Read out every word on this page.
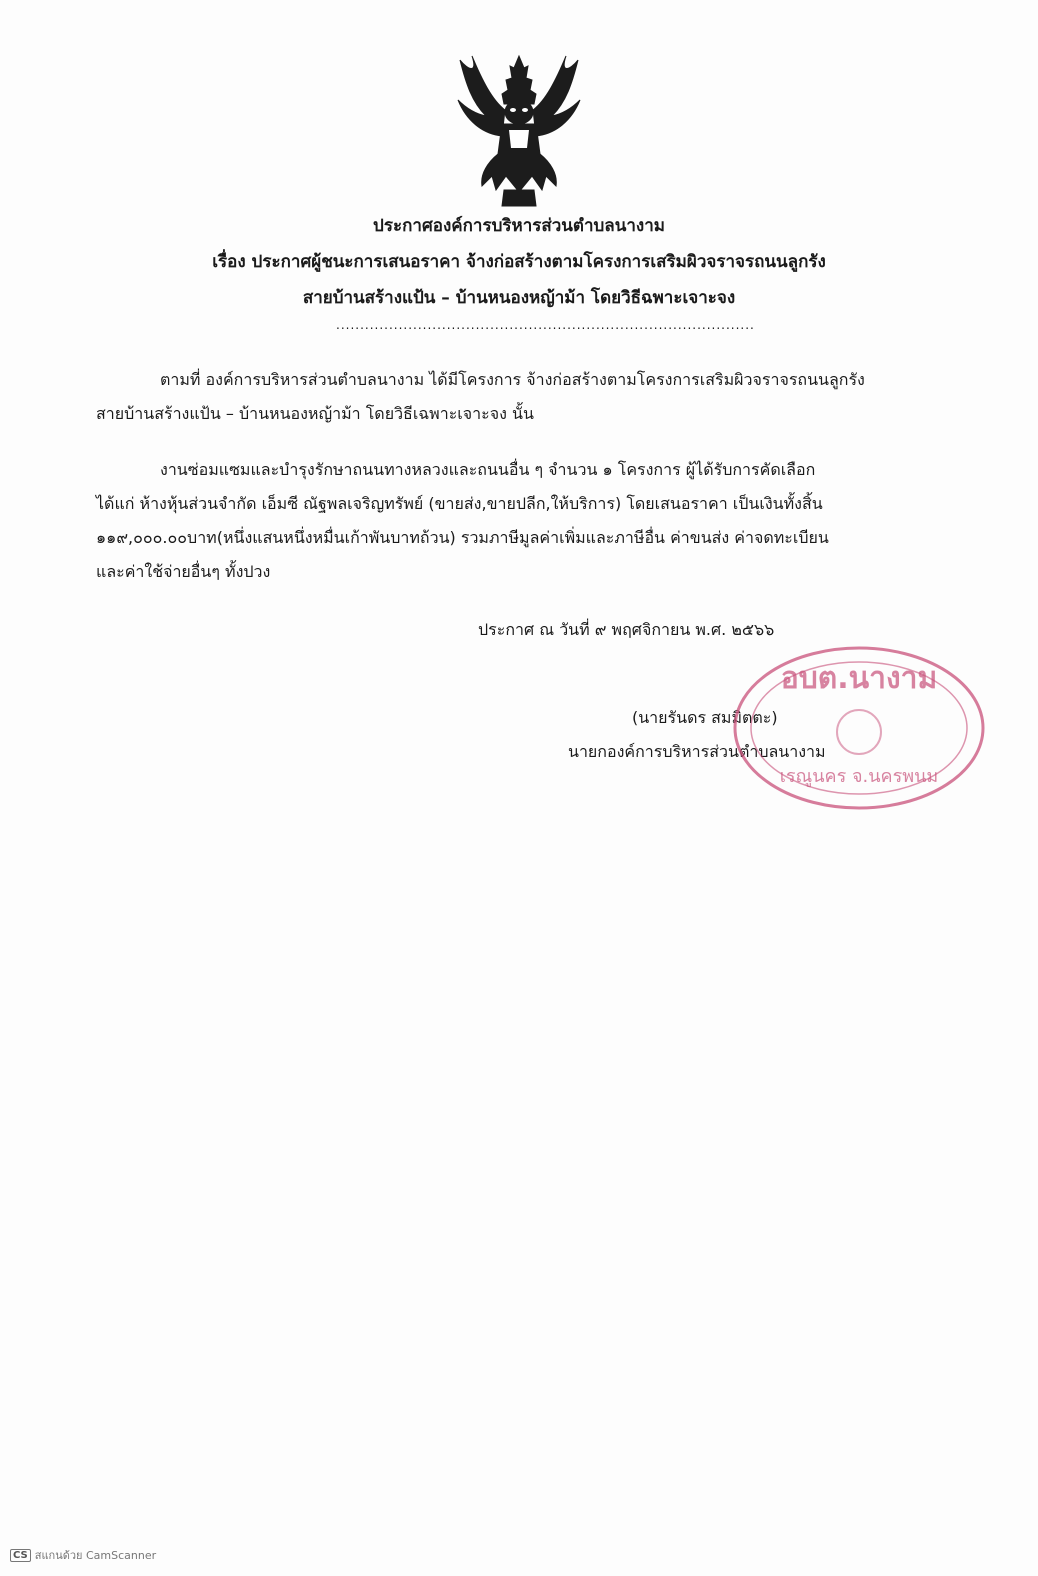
ประกาศองค์การบริหารส่วนตำบลนางาม
เรื่อง ประกาศผู้ชนะการเสนอราคา จ้างก่อสร้างตามโครงการเสริมผิวจราจรถนนลูกรัง
สายบ้านสร้างแป้น – บ้านหนองหญ้าม้า โดยวิธีฉพาะเจาะจง
.......................................................................................
ตามที่ องค์การบริหารส่วนตำบลนางาม ได้มีโครงการ จ้างก่อสร้างตามโครงการเสริมผิวจราจรถนนลูกรัง
สายบ้านสร้างแป้น – บ้านหนองหญ้าม้า โดยวิธีเฉพาะเจาะจง นั้น
งานซ่อมแซมและบำรุงรักษาถนนทางหลวงและถนนอื่น ๆ จำนวน ๑ โครงการ ผู้ได้รับการคัดเลือก
ได้แก่ ห้างหุ้นส่วนจำกัด เอ็มซี ณัฐพลเจริญทรัพย์ (ขายส่ง,ขายปลีก,ให้บริการ) โดยเสนอราคา เป็นเงินทั้งสิ้น
๑๑๙,๐๐๐.๐๐บาท(หนึ่งแสนหนึ่งหมื่นเก้าพันบาทถ้วน) รวมภาษีมูลค่าเพิ่มและภาษีอื่น ค่าขนส่ง ค่าจดทะเบียน
และค่าใช้จ่ายอื่นๆ ทั้งปวง
ประกาศ ณ วันที่ ๙ พฤศจิกายน พ.ศ. ๒๕๖๖
(นายรันดร สมมิตตะ)
นายกองค์การบริหารส่วนตำบลนางาม
อบต.นางาม
เรณูนคร จ.นครพนม
CS สแกนด้วย CamScanner
